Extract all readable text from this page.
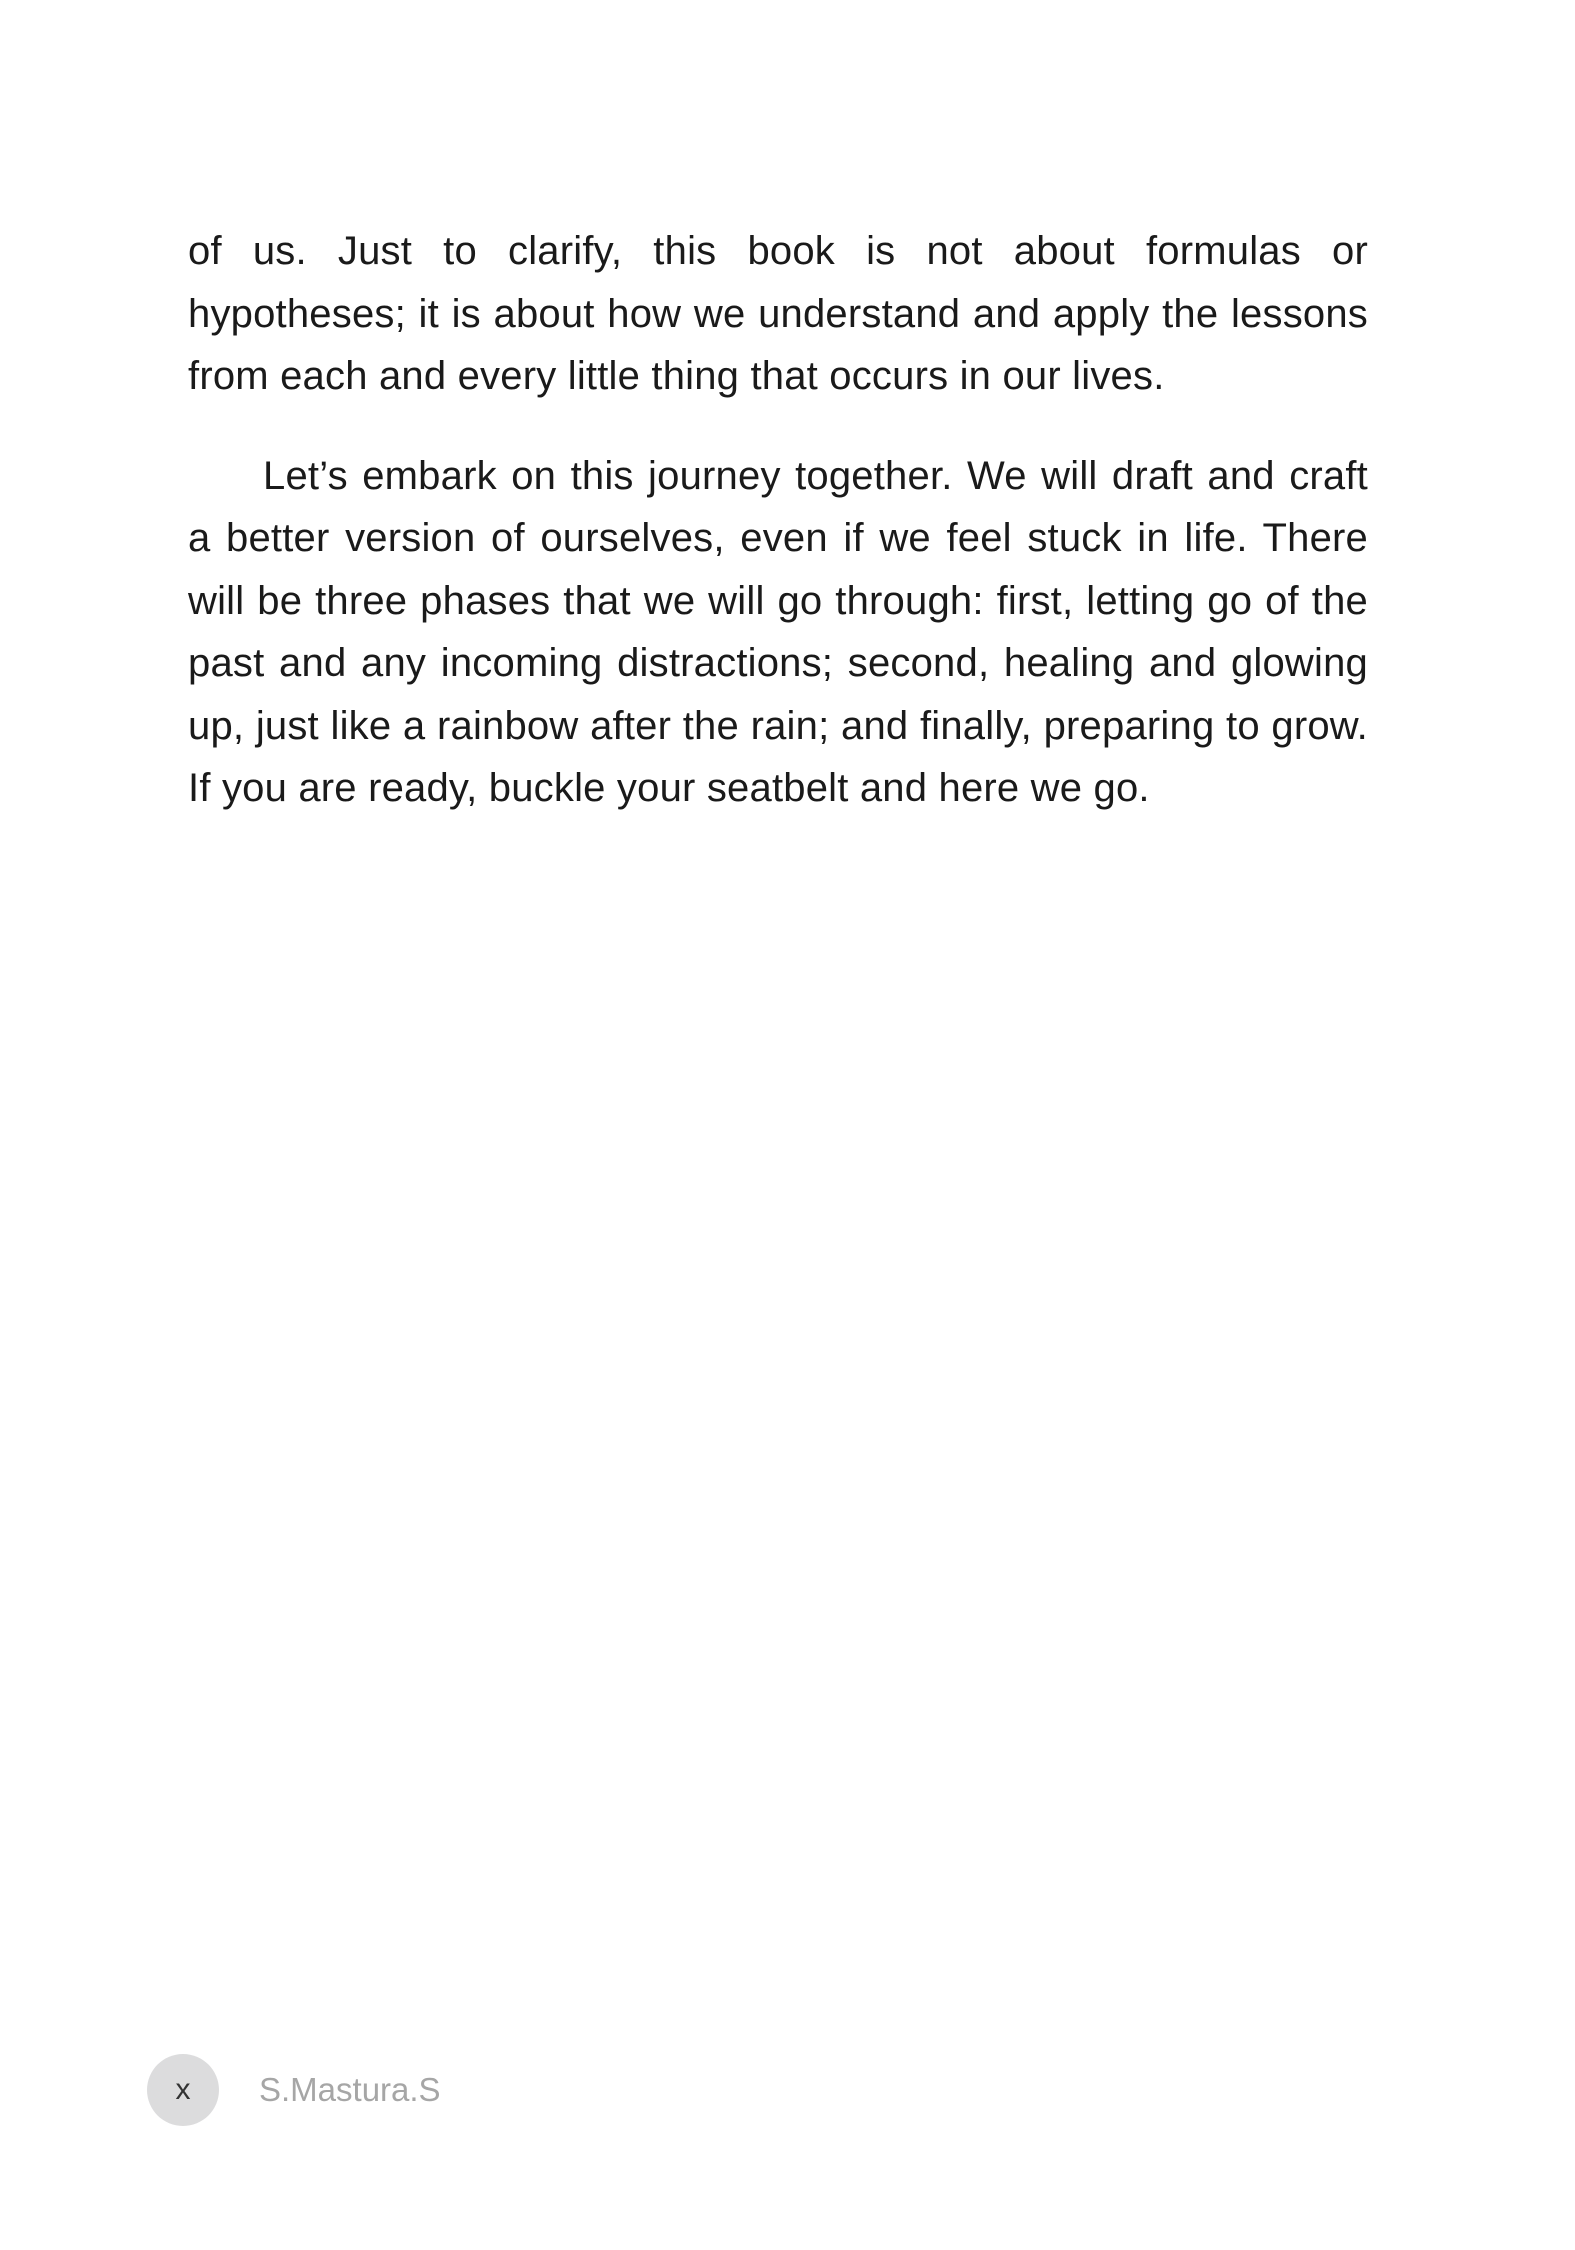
of us. Just to clarify, this book is not about formulas or hypotheses; it is about how we understand and apply the lessons from each and every little thing that occurs in our lives.

Let’s embark on this journey together. We will draft and craft a better version of ourselves, even if we feel stuck in life. There will be three phases that we will go through: first, letting go of the past and any incoming distractions; second, healing and glowing up, just like a rainbow after the rain; and finally, preparing to grow. If you are ready, buckle your seatbelt and here we go.

x S.Mastura.S
